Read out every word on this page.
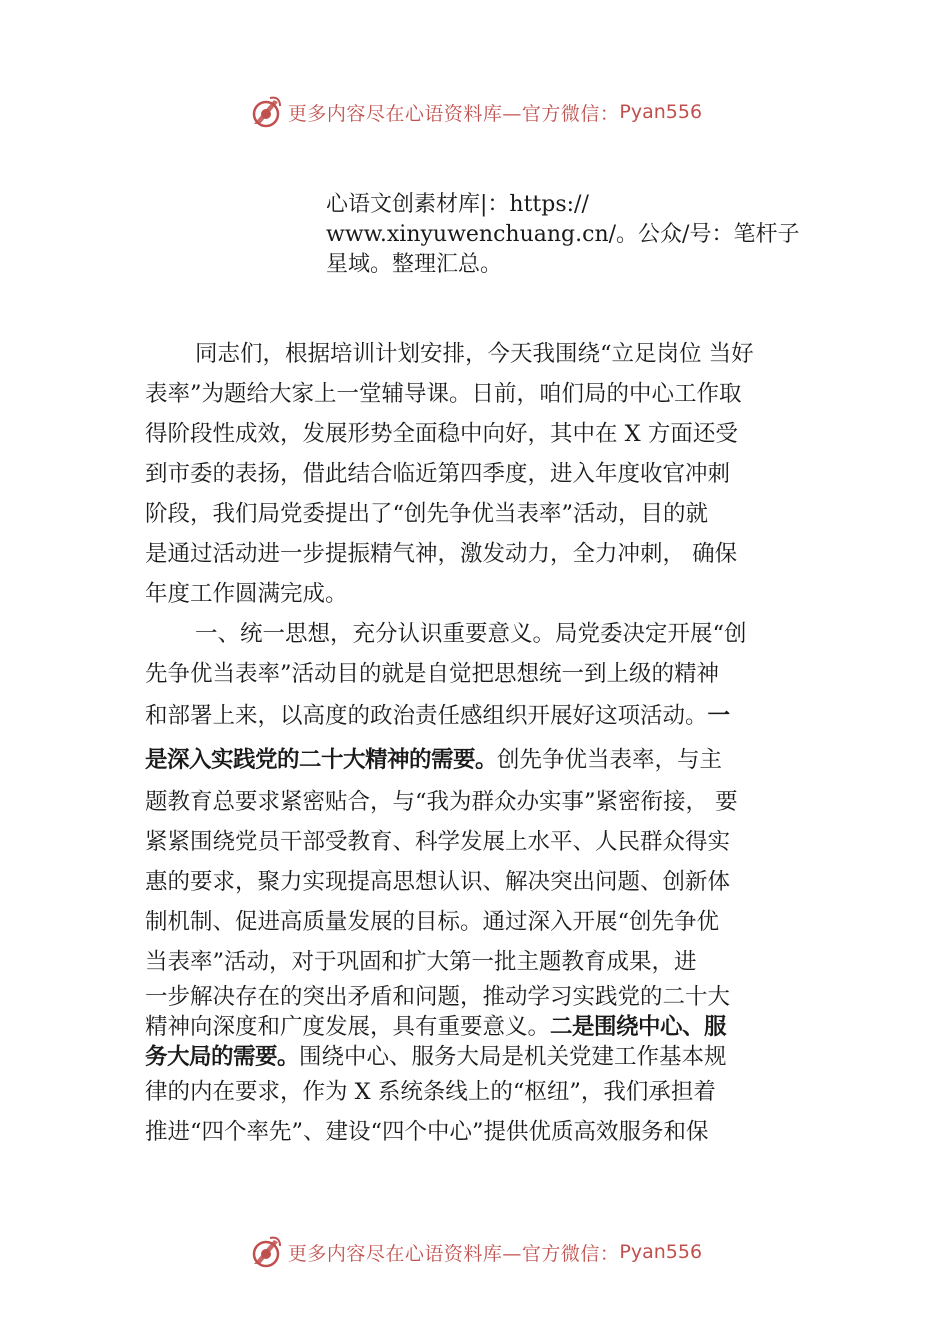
更多内容尽在心语资料库—官方微信： Pyan556
心语文创素材库|：https://
www.xinyuwenchuang.cn/。公众/号：笔杆子
星域。整理汇总。
同志们，根据培训计划安排，今天我围绕“立足岗位 当好
表率”为题给大家上一堂辅导课。日前，咱们局的中心工作取
得阶段性成效，发展形势全面稳中向好，其中在 X 方面还受
到市委的表扬，借此结合临近第四季度，进入年度收官冲刺
阶段，我们局党委提出了“创先争优当表率”活动，目的就
是通过活动进一步提振精气神，激发动力，全力冲刺， 确保
年度工作圆满完成。
一、统一思想，充分认识重要意义。局党委决定开展“创
先争优当表率”活动目的就是自觉把思想统一到上级的精神
和部署上来，以高度的政治责任感组织开展好这项活动。一
是深入实践党的二十大精神的需要。创先争优当表率，与主
题教育总要求紧密贴合，与“我为群众办实事”紧密衔接， 要
紧紧围绕党员干部受教育、科学发展上水平、人民群众得实
惠的要求，聚力实现提高思想认识、解决突出问题、创新体
制机制、促进高质量发展的目标。通过深入开展“创先争优
当表率”活动，对于巩固和扩大第一批主题教育成果，进
一步解决存在的突出矛盾和问题，推动学习实践党的二十大
精神向深度和广度发展，具有重要意义。二是围绕中心、服
务大局的需要。围绕中心、服务大局是机关党建工作基本规
律的内在要求，作为 X 系统条线上的“枢纽”，我们承担着
推进“四个率先”、建设“四个中心”提供优质高效服务和保
更多内容尽在心语资料库—官方微信： Pyan556
